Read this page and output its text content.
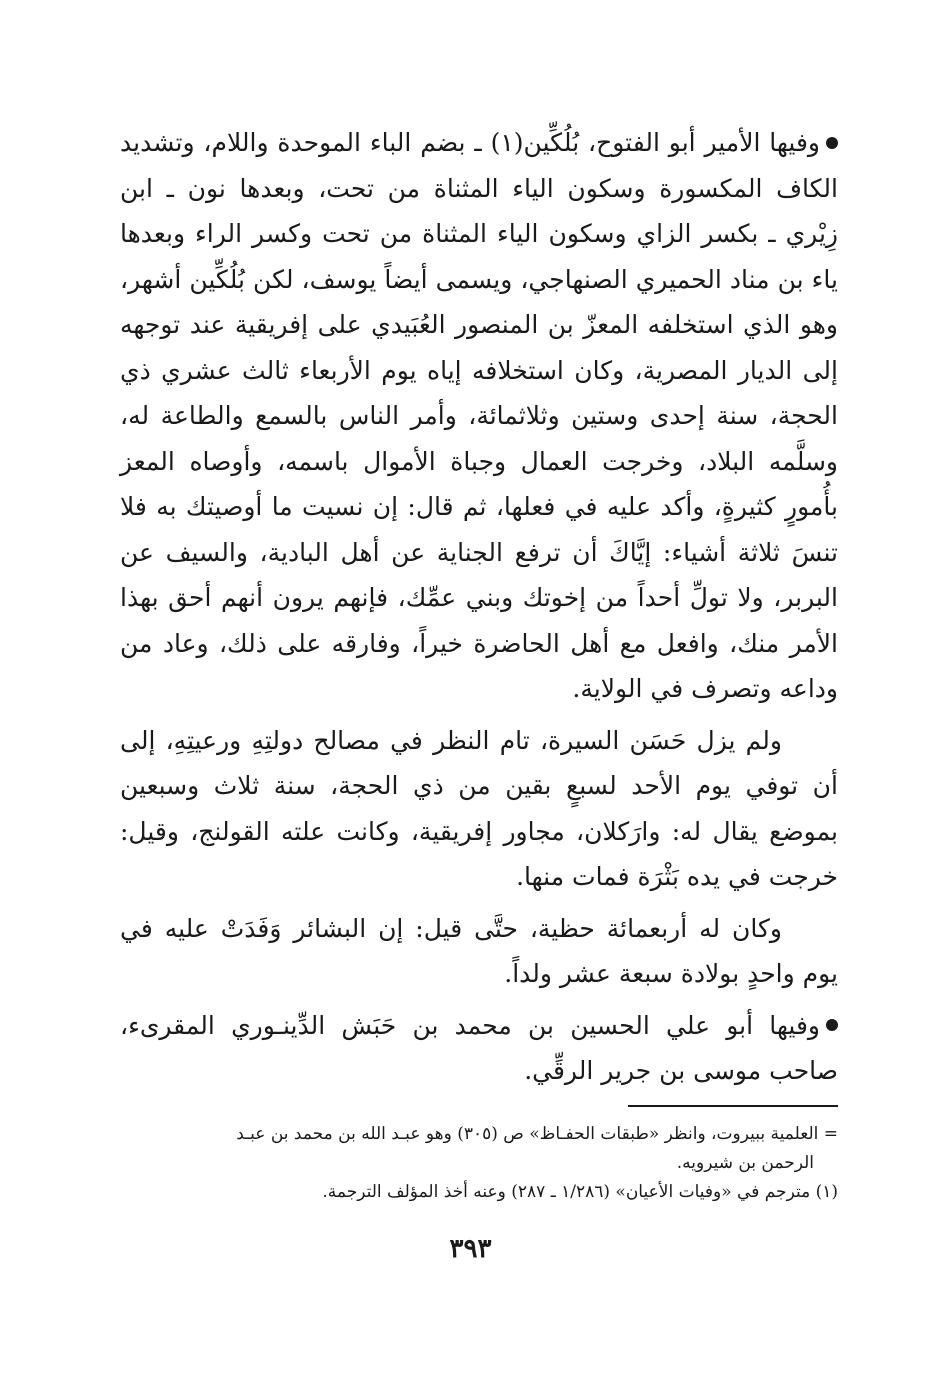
وفيها الأمير أبو الفتوح، بُلُكِّين(١) ـ بضم الباء الموحدة واللام، وتشديد الكاف المكسورة وسكون الياء المثناة من تحت، وبعدها نون ـ ابن زِيْري ـ بكسر الزاي وسكون الياء المثناة من تحت وكسر الراء وبعدها ياء بن مناد الحميري الصنهاجي، ويسمى أيضاً يوسف، لكن بُلُكِّين أشهر، وهو الذي استخلفه المعزّ بن المنصور العُبَيدي على إفريقية عند توجهه إلى الديار المصرية، وكان استخلافه إياه يوم الأربعاء ثالث عشري ذي الحجة، سنة إحدى وستين وثلاثمائة، وأمر الناس بالسمع والطاعة له، وسلَّمه البلاد، وخرجت العمال وجباة الأموال باسمه، وأوصاه المعز بأُمورٍ كثيرةٍ، وأكد عليه في فعلها، ثم قال: إن نسيت ما أوصيتك به فلا تنسَ ثلاثة أشياء: إيَّاكَ أن ترفع الجناية عن أهل البادية، والسيف عن البربر، ولا تولِّ أحداً من إخوتك وبني عمِّك، فإنهم يرون أنهم أحق بهذا الأمر منك، وافعل مع أهل الحاضرة خيراً، وفارقه على ذلك، وعاد من وداعه وتصرف في الولاية.

ولم يزل حَسَن السيرة، تام النظر في مصالح دولتِهِ ورعيتِهِ، إلى أن توفي يوم الأحد لسبعٍ بقين من ذي الحجة، سنة ثلاث وسبعين بموضع يقال له: وارَكلان، مجاور إفريقية، وكانت علته القولنج، وقيل: خرجت في يده بَثْرَة فمات منها.

وكان له أربعمائة حظية، حتَّى قيل: إن البشائر وَفَدَتْ عليه في يوم واحدٍ بولادة سبعة عشر ولداً.

وفيها أبو علي الحسين بن محمد بن حَبَش الدِّينـوري المقرىء، صاحب موسى بن جرير الرقِّي.

= العلمية ببيروت، وانظر «طبقات الحفـاظ» ص (٣٠٥) وهو عبـد الله بن محمد بن عبـد

الرحمن بن شيرويه.

(١) مترجم في «وفيات الأعيان» (١/٢٨٦ ـ ٢٨٧) وعنه أخذ المؤلف الترجمة.

٣٩٣
